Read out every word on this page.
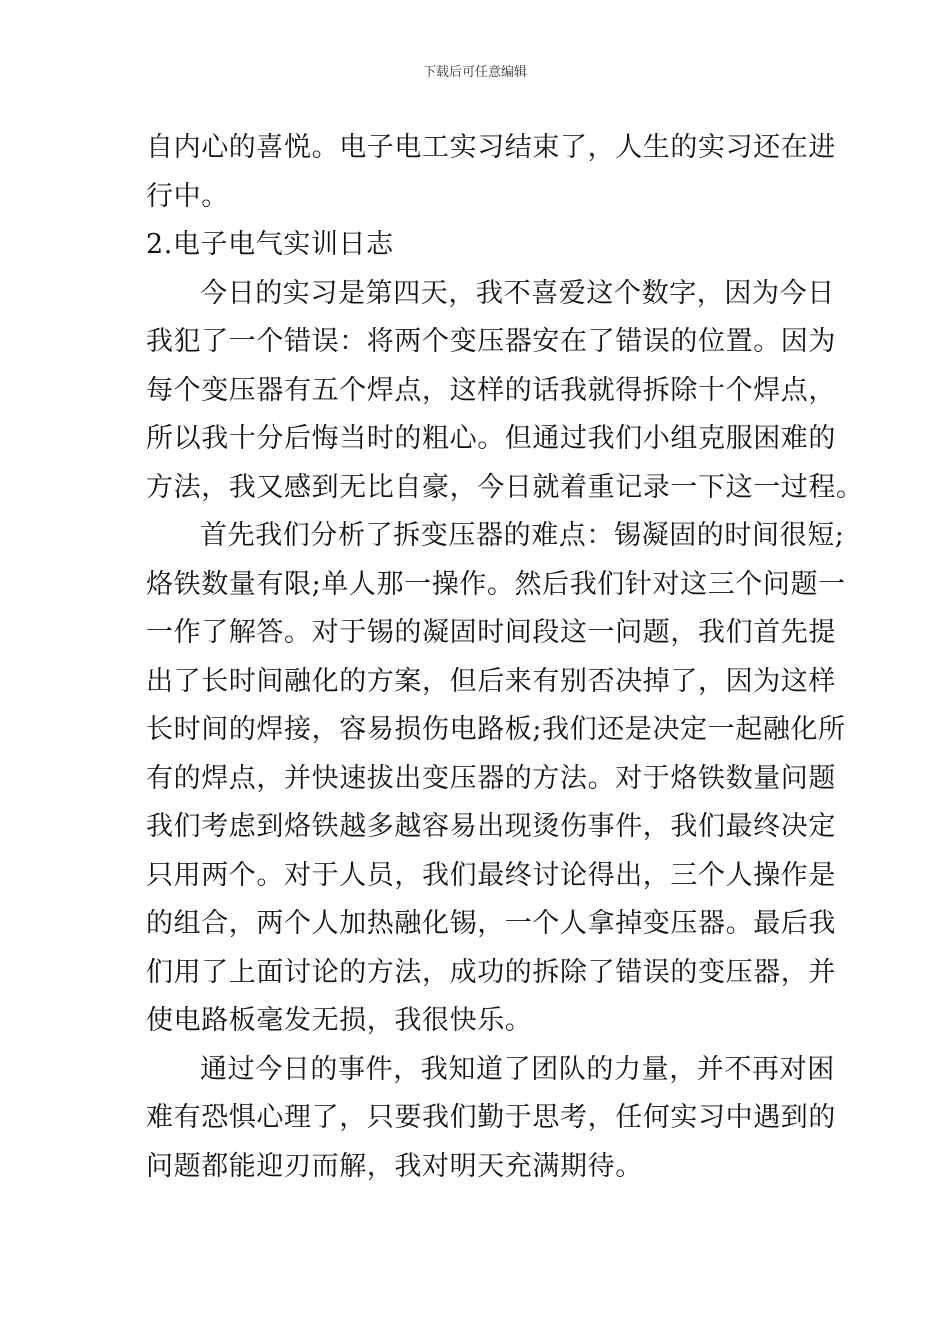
下载后可任意编辑
自内心的喜悦。电子电工实习结束了，人生的实习还在进
行中。
2.电子电气实训日志
今日的实习是第四天，我不喜爱这个数字，因为今日
我犯了一个错误：将两个变压器安在了错误的位置。因为
每个变压器有五个焊点，这样的话我就得拆除十个焊点，
所以我十分后悔当时的粗心。但通过我们小组克服困难的
方法，我又感到无比自豪，今日就着重记录一下这一过程。
首先我们分析了拆变压器的难点：锡凝固的时间很短;
烙铁数量有限;单人那一操作。然后我们针对这三个问题一
一作了解答。对于锡的凝固时间段这一问题，我们首先提
出了长时间融化的方案，但后来有别否决掉了，因为这样
长时间的焊接，容易损伤电路板;我们还是决定一起融化所
有的焊点，并快速拔出变压器的方法。对于烙铁数量问题
我们考虑到烙铁越多越容易出现烫伤事件，我们最终决定
只用两个。对于人员，我们最终讨论得出，三个人操作是
的组合，两个人加热融化锡，一个人拿掉变压器。最后我
们用了上面讨论的方法，成功的拆除了错误的变压器，并
使电路板毫发无损，我很快乐。
通过今日的事件，我知道了团队的力量，并不再对困
难有恐惧心理了，只要我们勤于思考，任何实习中遇到的
问题都能迎刃而解，我对明天充满期待。
